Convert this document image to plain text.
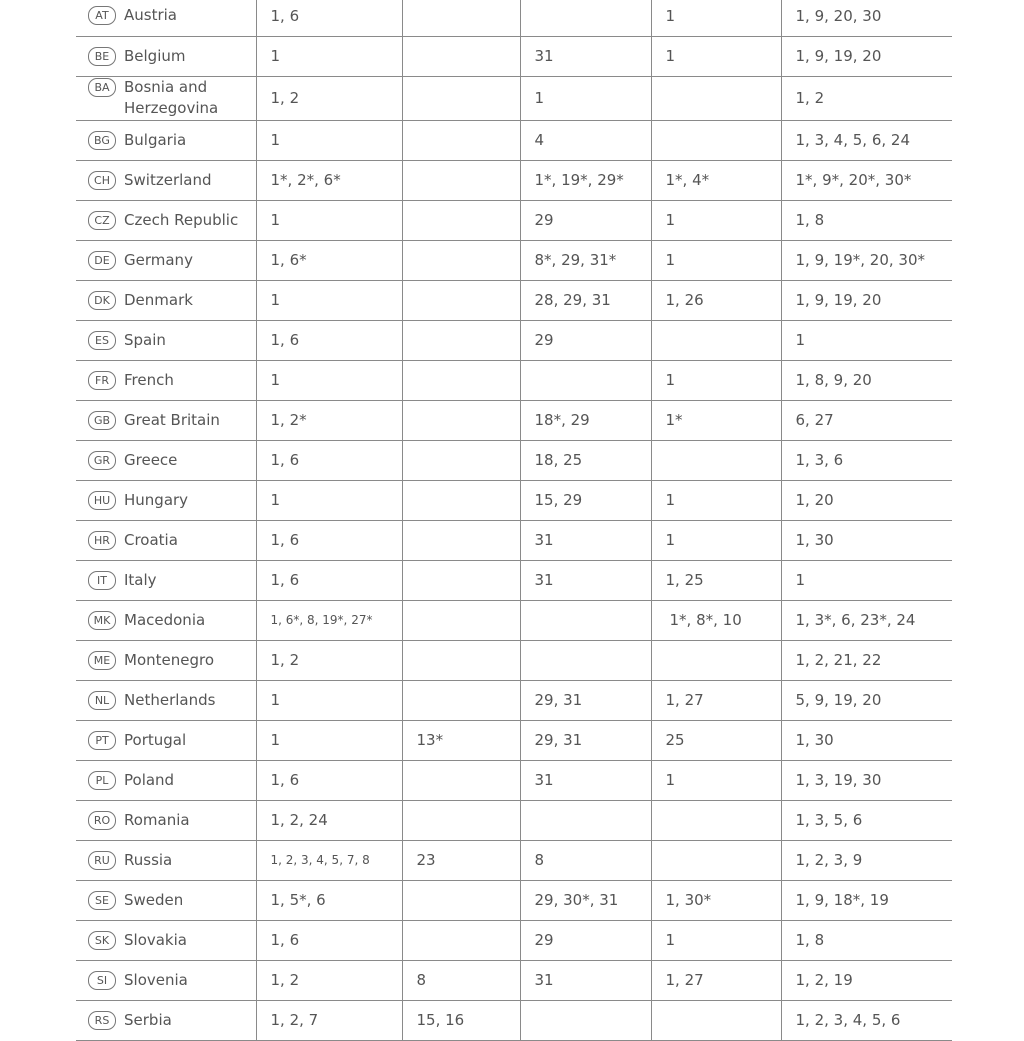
AT Austria	1, 6			1	1, 9, 20, 30
BE Belgium	1		31	1	1, 9, 19, 20
BA Bosnia and Herzegovina	1, 2		1		1, 2
BG Bulgaria	1		4		1, 3, 4, 5, 6, 24
CH Switzerland	1*, 2*, 6*		1*, 19*, 29*	1*, 4*	1*, 9*, 20*, 30*
CZ Czech Republic	1		29	1	1, 8
DE Germany	1, 6*		8*, 29, 31*	1	1, 9, 19*, 20, 30*
DK Denmark	1		28, 29, 31	1, 26	1, 9, 19, 20
ES Spain	1, 6		29		1
FR French	1			1	1, 8, 9, 20
GB Great Britain	1, 2*		18*, 29	1*	6, 27
GR Greece	1, 6		18, 25		1, 3, 6
HU Hungary	1		15, 29	1	1, 20
HR Croatia	1, 6		31	1	1, 30
IT Italy	1, 6		31	1, 25	1
MK Macedonia	1, 6*, 8, 19*, 27*			1*, 8*, 10	1, 3*, 6, 23*, 24
ME Montenegro	1, 2				1, 2, 21, 22
NL Netherlands	1		29, 31	1, 27	5, 9, 19, 20
PT Portugal	1	13*	29, 31	25	1, 30
PL Poland	1, 6		31	1	1, 3, 19, 30
RO Romania	1, 2, 24				1, 3, 5, 6
RU Russia	1, 2, 3, 4, 5, 7, 8	23	8		1, 2, 3, 9
SE Sweden	1, 5*, 6		29, 30*, 31	1, 30*	1, 9, 18*, 19
SK Slovakia	1, 6		29	1	1, 8
SI Slovenia	1, 2	8	31	1, 27	1, 2, 19
RS Serbia	1, 2, 7	15, 16			1, 2, 3, 4, 5, 6
